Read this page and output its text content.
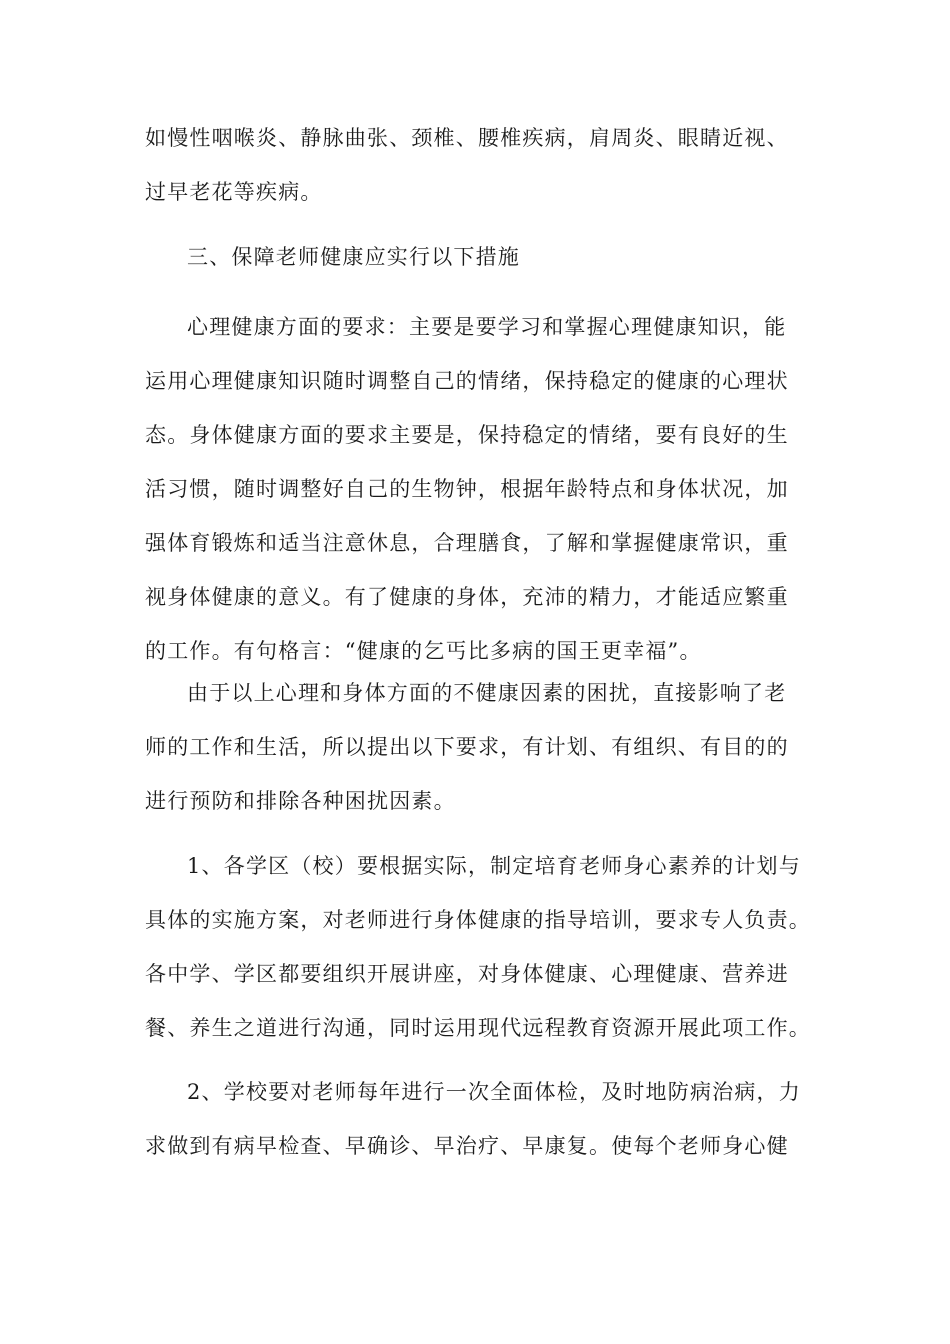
如慢性咽喉炎、静脉曲张、颈椎、腰椎疾病，肩周炎、眼睛近视、
过早老花等疾病。

三、保障老师健康应实行以下措施

心理健康方面的要求：主要是要学习和掌握心理健康知识，能
运用心理健康知识随时调整自己的情绪，保持稳定的健康的心理状
态。身体健康方面的要求主要是，保持稳定的情绪，要有良好的生
活习惯，随时调整好自己的生物钟，根据年龄特点和身体状况，加
强体育锻炼和适当注意休息，合理膳食，了解和掌握健康常识，重
视身体健康的意义。有了健康的身体，充沛的精力，才能适应繁重
的工作。有句格言：“健康的乞丐比多病的国王更幸福”。

由于以上心理和身体方面的不健康因素的困扰，直接影响了老
师的工作和生活，所以提出以下要求，有计划、有组织、有目的的
进行预防和排除各种困扰因素。

1、各学区（校）要根据实际，制定培育老师身心素养的计划与
具体的实施方案，对老师进行身体健康的指导培训，要求专人负责。
各中学、学区都要组织开展讲座，对身体健康、心理健康、营养进
餐、养生之道进行沟通，同时运用现代远程教育资源开展此项工作。

2、学校要对老师每年进行一次全面体检，及时地防病治病，力
求做到有病早检查、早确诊、早治疗、早康复。使每个老师身心健
